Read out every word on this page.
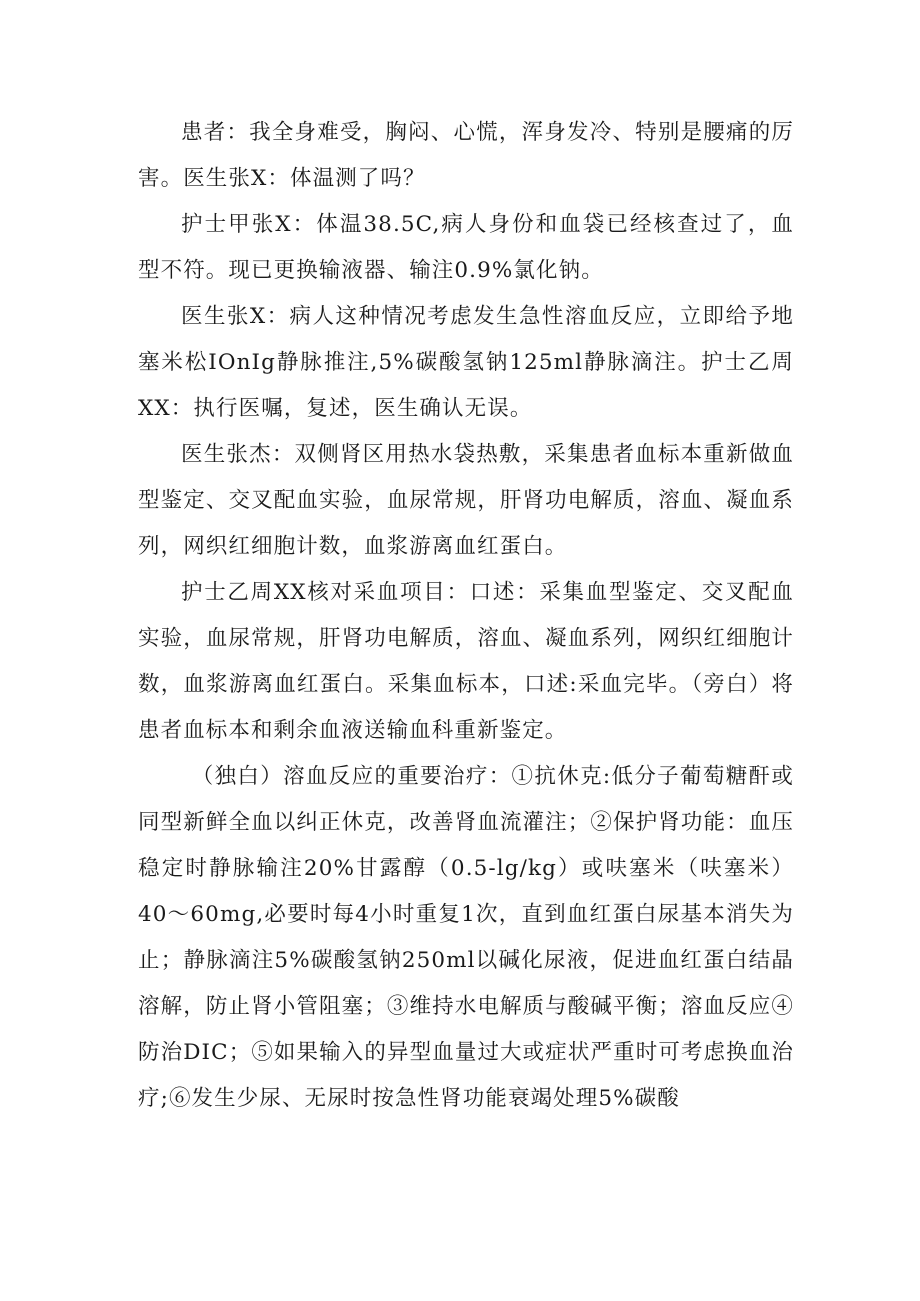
患者：我全身难受，胸闷、心慌，浑身发冷、特别是腰痛的厉害。医生张X：体温测了吗？

护士甲张X：体温38.5C,病人身份和血袋已经核查过了，血型不符。现已更换输液器、输注0.9%氯化钠。

医生张X：病人这种情况考虑发生急性溶血反应，立即给予地塞米松IOnIg静脉推注,5%碳酸氢钠125ml静脉滴注。护士乙周XX：执行医嘱，复述，医生确认无误。

医生张杰：双侧肾区用热水袋热敷，采集患者血标本重新做血型鉴定、交叉配血实验，血尿常规，肝肾功电解质，溶血、凝血系列，网织红细胞计数，血浆游离血红蛋白。

护士乙周XX核对采血项目：口述：采集血型鉴定、交叉配血实验，血尿常规，肝肾功电解质，溶血、凝血系列，网织红细胞计数，血浆游离血红蛋白。采集血标本，口述:采血完毕。（旁白）将患者血标本和剩余血液送输血科重新鉴定。

（独白）溶血反应的重要治疗：①抗休克:低分子葡萄糖酐或同型新鲜全血以纠正休克，改善肾血流灌注；②保护肾功能：血压稳定时静脉输注20%甘露醇（0.5-lg∕kg）或呋塞米（呋塞米）40～60mg,必要时每4小时重复1次，直到血红蛋白尿基本消失为止；静脉滴注5%碳酸氢钠250ml以碱化尿液，促进血红蛋白结晶溶解，防止肾小管阻塞；③维持水电解质与酸碱平衡；溶血反应④防治DIC；⑤如果输入的异型血量过大或症状严重时可考虑换血治疗;⑥发生少尿、无尿时按急性肾功能衰竭处理5%碳酸
